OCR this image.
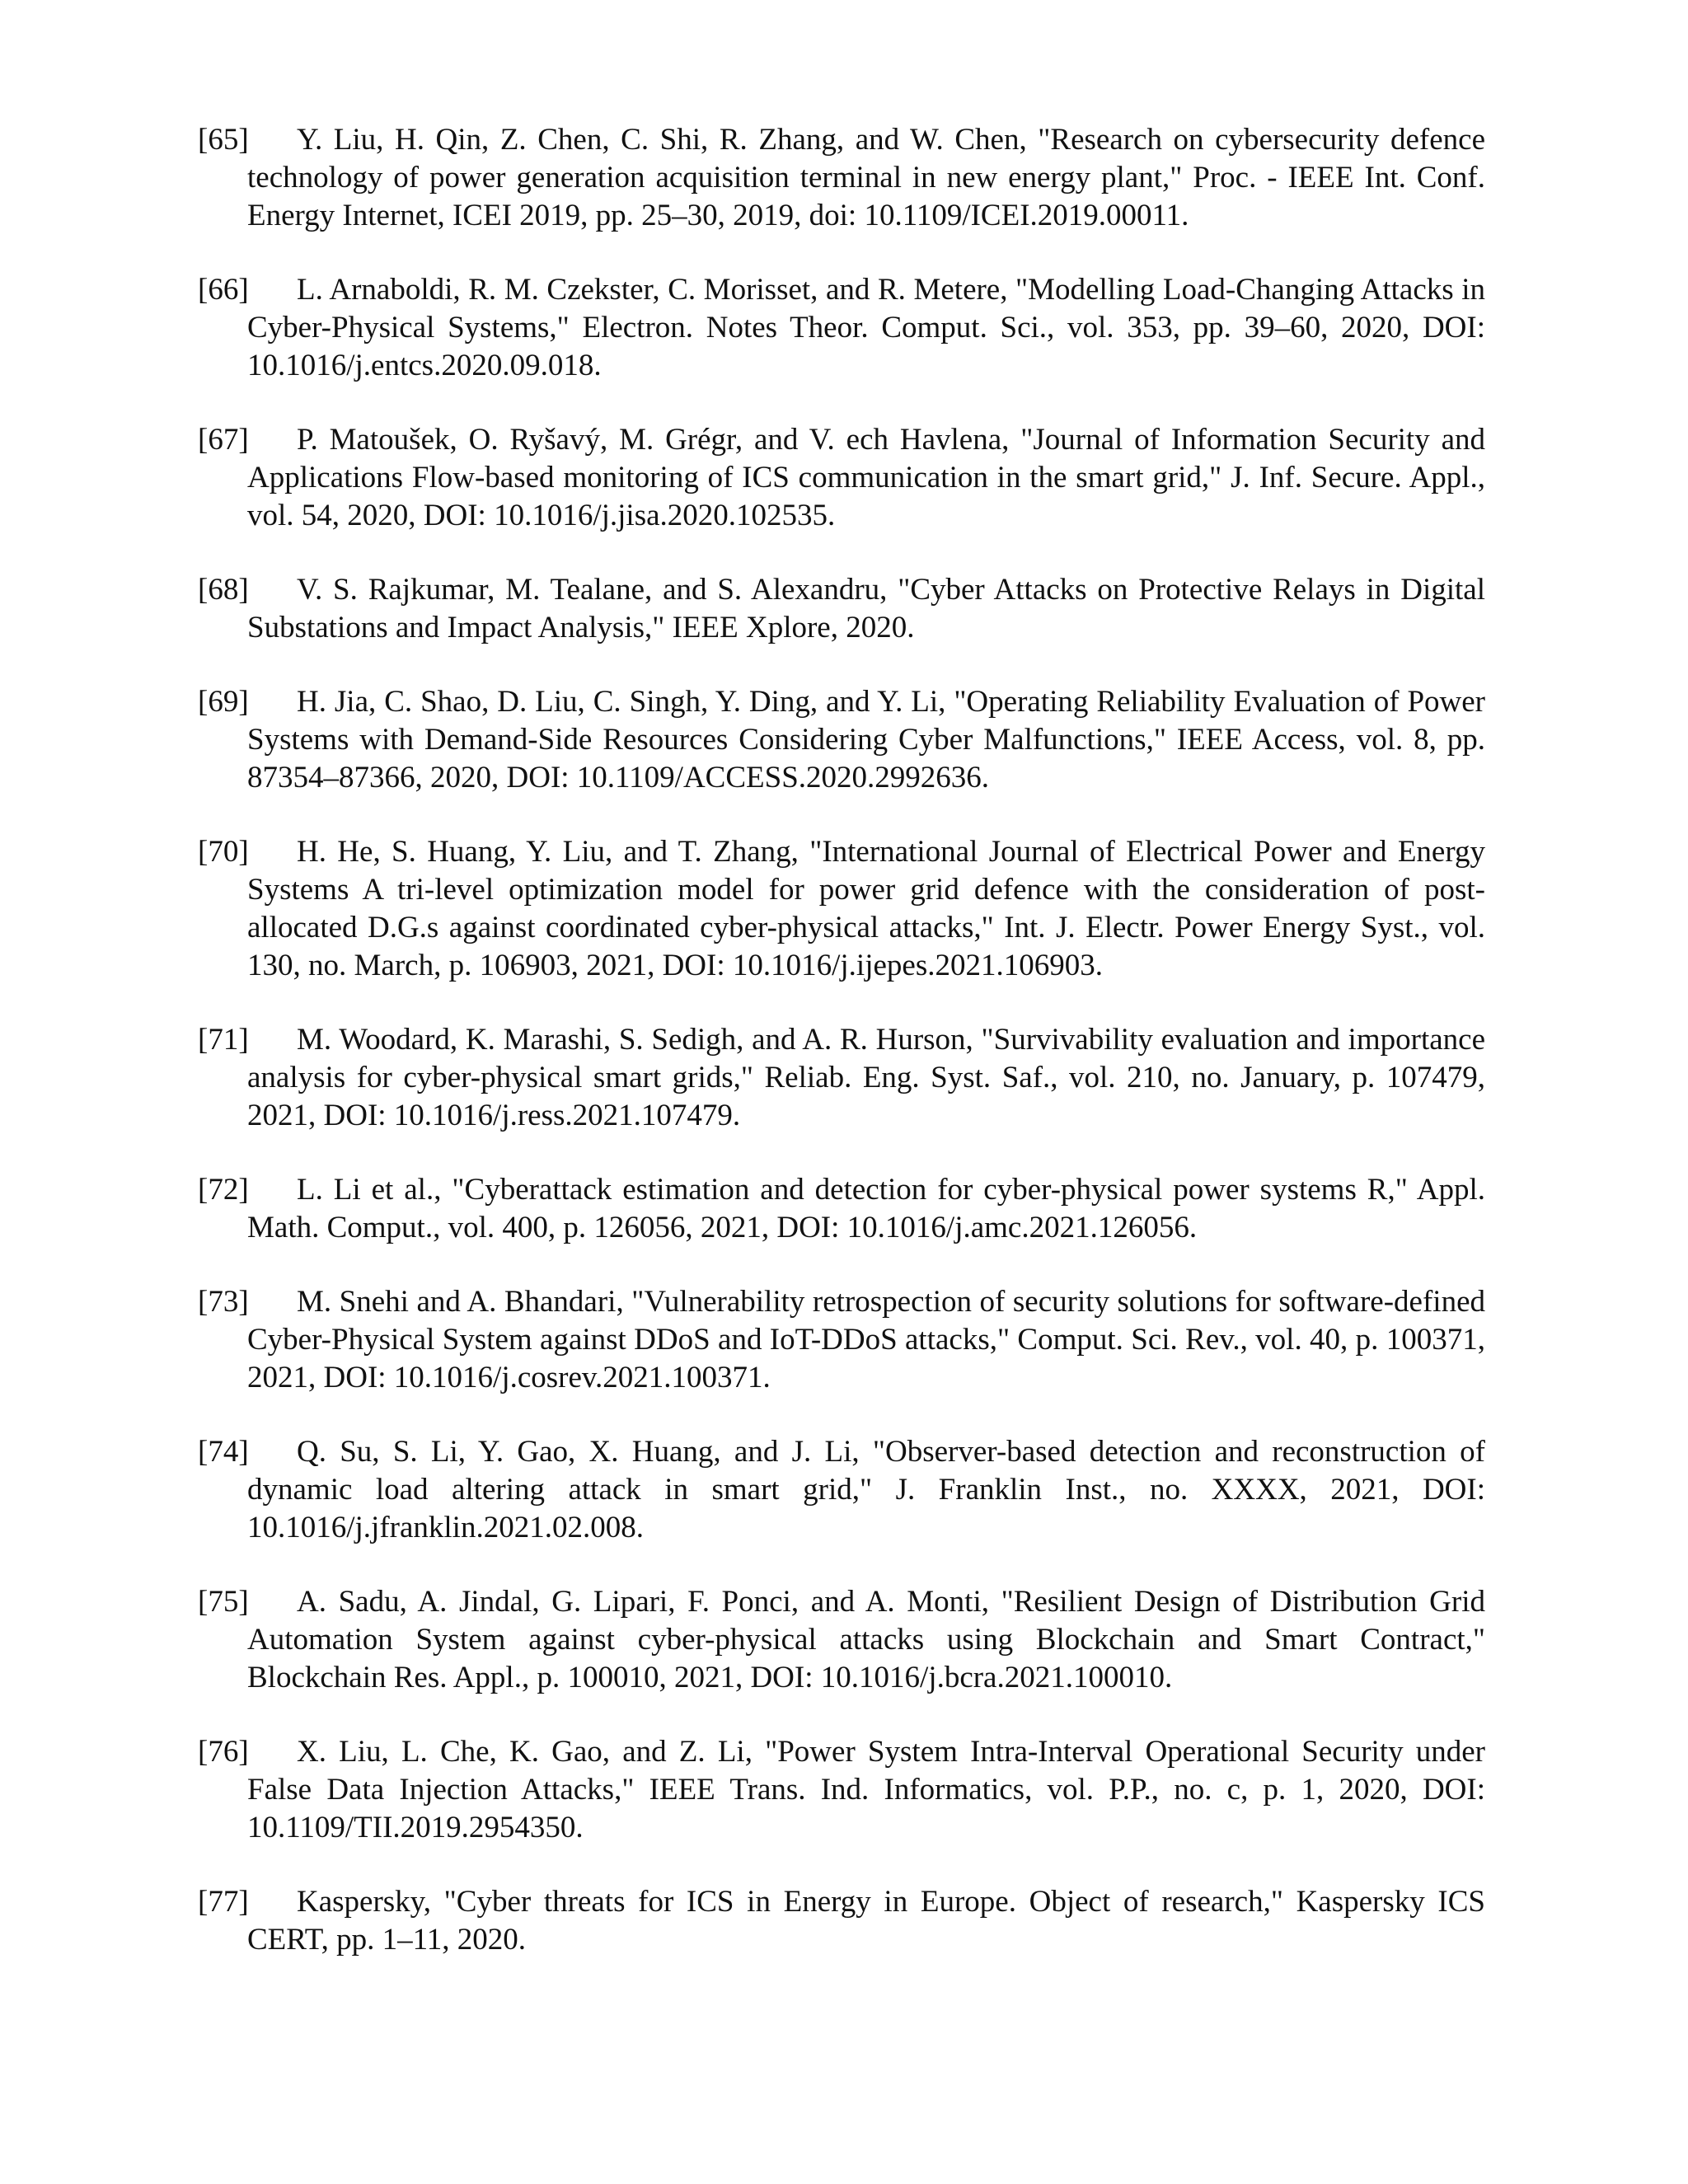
[65] Y. Liu, H. Qin, Z. Chen, C. Shi, R. Zhang, and W. Chen, "Research on cybersecurity defence technology of power generation acquisition terminal in new energy plant," Proc. - IEEE Int. Conf. Energy Internet, ICEI 2019, pp. 25–30, 2019, doi: 10.1109/ICEI.2019.00011.
[66] L. Arnaboldi, R. M. Czekster, C. Morisset, and R. Metere, "Modelling Load-Changing Attacks in Cyber-Physical Systems," Electron. Notes Theor. Comput. Sci., vol. 353, pp. 39–60, 2020, DOI: 10.1016/j.entcs.2020.09.018.
[67] P. Matoušek, O. Ryšavý, M. Grégr, and V. ech Havlena, "Journal of Information Security and Applications Flow-based monitoring of ICS communication in the smart grid," J. Inf. Secure. Appl., vol. 54, 2020, DOI: 10.1016/j.jisa.2020.102535.
[68] V. S. Rajkumar, M. Tealane, and S. Alexandru, "Cyber Attacks on Protective Relays in Digital Substations and Impact Analysis," IEEE Xplore, 2020.
[69] H. Jia, C. Shao, D. Liu, C. Singh, Y. Ding, and Y. Li, "Operating Reliability Evaluation of Power Systems with Demand-Side Resources Considering Cyber Malfunctions," IEEE Access, vol. 8, pp. 87354–87366, 2020, DOI: 10.1109/ACCESS.2020.2992636.
[70] H. He, S. Huang, Y. Liu, and T. Zhang, "International Journal of Electrical Power and Energy Systems A tri-level optimization model for power grid defence with the consideration of post-allocated D.G.s against coordinated cyber-physical attacks," Int. J. Electr. Power Energy Syst., vol. 130, no. March, p. 106903, 2021, DOI: 10.1016/j.ijepes.2021.106903.
[71] M. Woodard, K. Marashi, S. Sedigh, and A. R. Hurson, "Survivability evaluation and importance analysis for cyber-physical smart grids," Reliab. Eng. Syst. Saf., vol. 210, no. January, p. 107479, 2021, DOI: 10.1016/j.ress.2021.107479.
[72] L. Li et al., "Cyberattack estimation and detection for cyber-physical power systems R," Appl. Math. Comput., vol. 400, p. 126056, 2021, DOI: 10.1016/j.amc.2021.126056.
[73] M. Snehi and A. Bhandari, "Vulnerability retrospection of security solutions for software-defined Cyber-Physical System against DDoS and IoT-DDoS attacks," Comput. Sci. Rev., vol. 40, p. 100371, 2021, DOI: 10.1016/j.cosrev.2021.100371.
[74] Q. Su, S. Li, Y. Gao, X. Huang, and J. Li, "Observer-based detection and reconstruction of dynamic load altering attack in smart grid," J. Franklin Inst., no. XXXX, 2021, DOI: 10.1016/j.jfranklin.2021.02.008.
[75] A. Sadu, A. Jindal, G. Lipari, F. Ponci, and A. Monti, "Resilient Design of Distribution Grid Automation System against cyber-physical attacks using Blockchain and Smart Contract," Blockchain Res. Appl., p. 100010, 2021, DOI: 10.1016/j.bcra.2021.100010.
[76] X. Liu, L. Che, K. Gao, and Z. Li, "Power System Intra-Interval Operational Security under False Data Injection Attacks," IEEE Trans. Ind. Informatics, vol. P.P., no. c, p. 1, 2020, DOI: 10.1109/TII.2019.2954350.
[77] Kaspersky, "Cyber threats for ICS in Energy in Europe. Object of research," Kaspersky ICS CERT, pp. 1–11, 2020.
